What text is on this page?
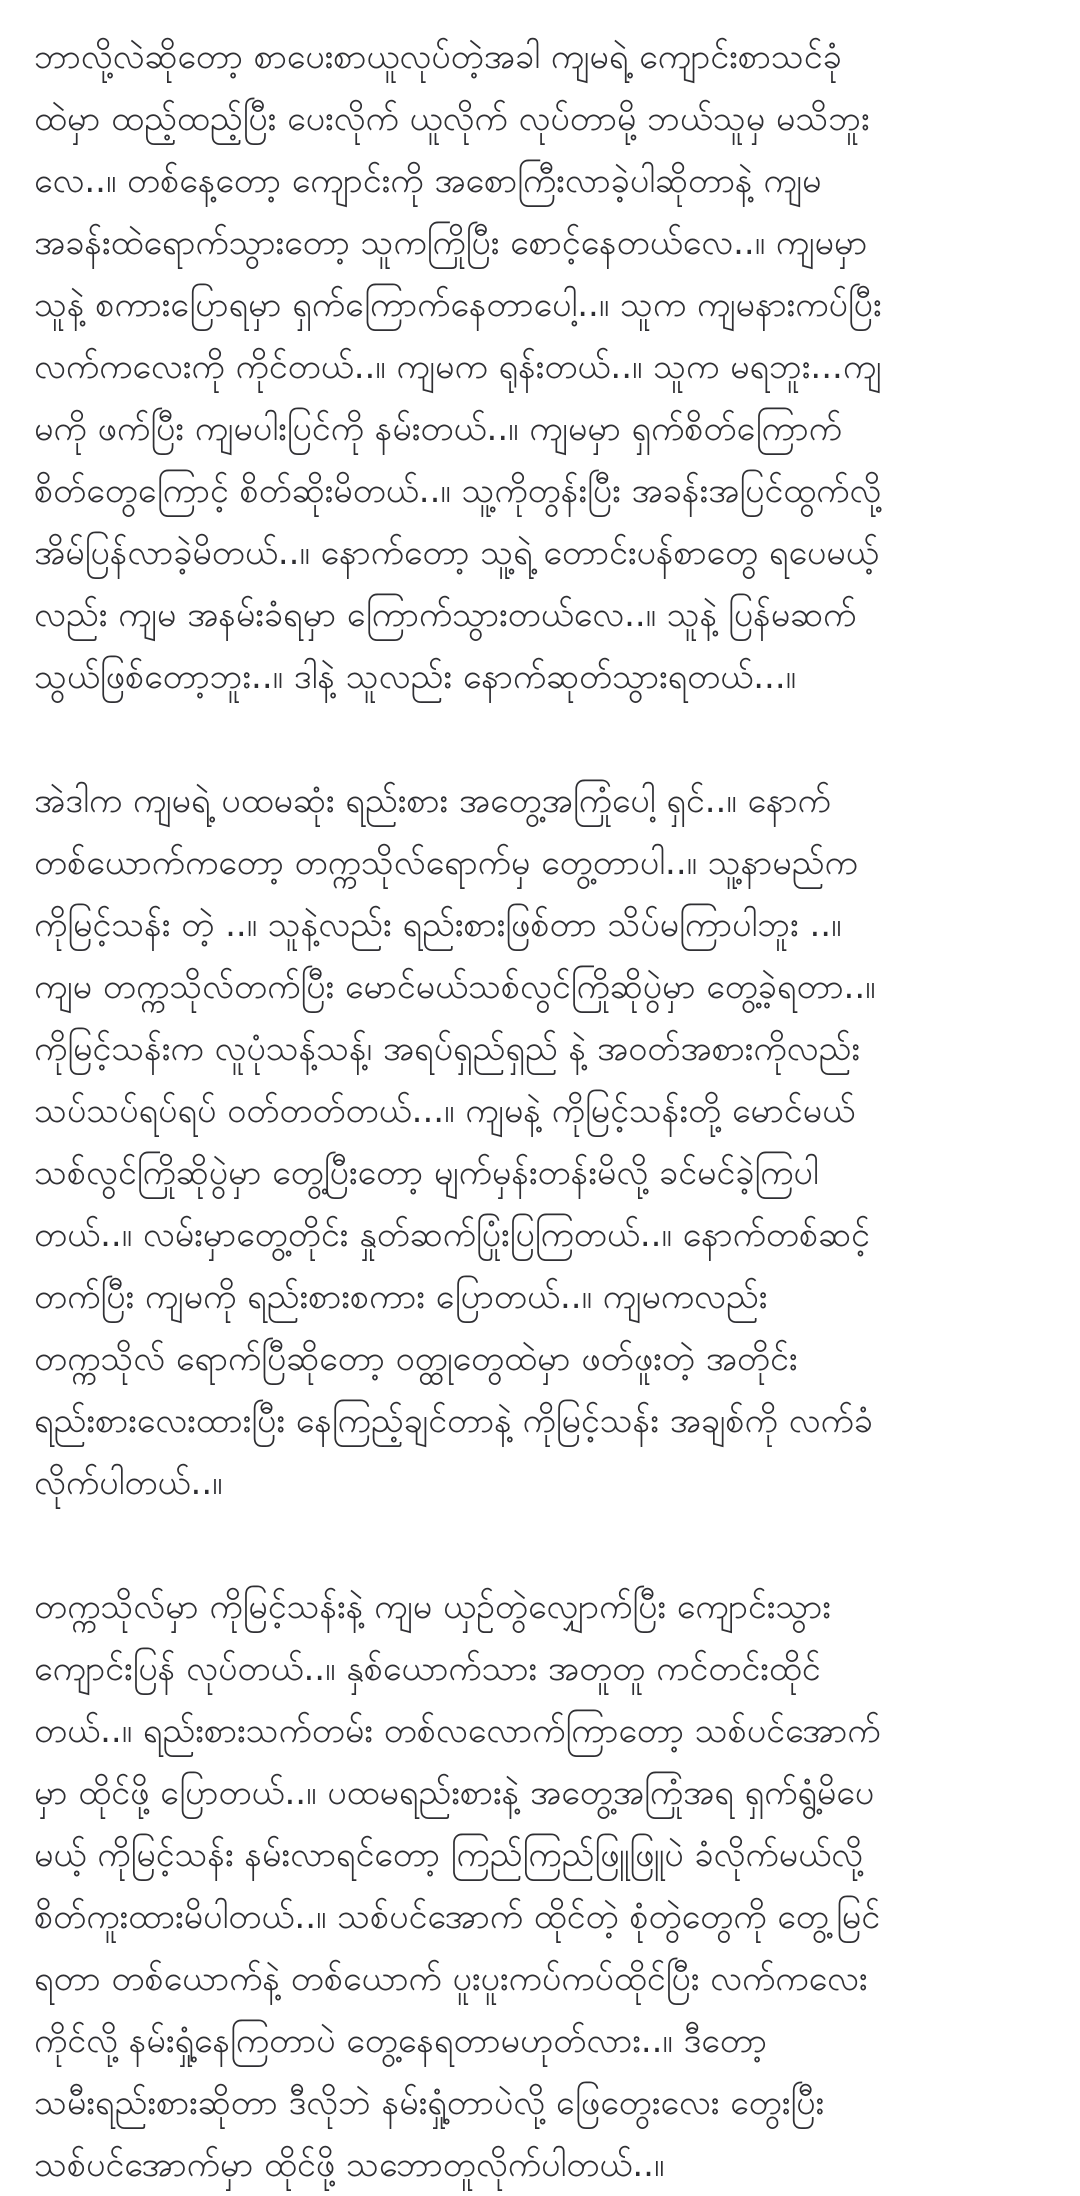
ဘာလို့လဲဆိုတော့ စာပေးစာယူလုပ်တဲ့အခါ ကျမရဲ့ ကျောင်းစာသင်ခုံ
ထဲမှာ ထည့်ထည့်ပြီး ပေးလိုက် ယူလိုက် လုပ်တာမို့ ဘယ်သူမှ မသိဘူး
လေ..။ တစ်နေ့တော့ ကျောင်းကို အစောကြီးလာခဲ့ပါဆိုတာနဲ့ ကျမ
အခန်းထဲရောက်သွားတော့ သူကကြိုပြီး စောင့်နေတယ်လေ..။ ကျမမှာ
သူနဲ့ စကားပြောရမှာ ရှက်ကြောက်နေတာပေါ့..။ သူက ကျမနားကပ်ပြီး
လက်ကလေးကို ကိုင်တယ်..။ ကျမက ရုန်းတယ်..။ သူက မရဘူး...ကျ
မကို ဖက်ပြီး ကျမပါးပြင်ကို နမ်းတယ်..။ ကျမမှာ ရှက်စိတ်ကြောက်
စိတ်တွေကြောင့် စိတ်ဆိုးမိတယ်..။ သူ့ကိုတွန်းပြီး အခန်းအပြင်ထွက်လို့
အိမ်ပြန်လာခဲ့မိတယ်..။ နောက်တော့ သူ့ရဲ့ တောင်းပန်စာတွေ ရပေမယ့်
လည်း ကျမ အနမ်းခံရမှာ ကြောက်သွားတယ်လေ..။ သူနဲ့ ပြန်မဆက်
သွယ်ဖြစ်တော့ဘူး..။ ဒါနဲ့ သူလည်း နောက်ဆုတ်သွားရတယ်...။
အဲဒါက ကျမရဲ့ ပထမဆုံး ရည်းစား အတွေ့အကြုံပေါ့ ရှင်..။ နောက်
တစ်ယောက်ကတော့ တက္ကသိုလ်ရောက်မှ တွေ့တာပါ..။ သူ့နာမည်က
ကိုမြင့်သန်း တဲ့ ..။ သူနဲ့လည်း ရည်းစားဖြစ်တာ သိပ်မကြာပါဘူး ..။
ကျမ တက္ကသိုလ်တက်ပြီး မောင်မယ်သစ်လွင်ကြိုဆိုပွဲမှာ တွေ့ခဲ့ရတာ..။
ကိုမြင့်သန်းက လူပုံသန့်သန့်၊ အရပ်ရှည်ရှည် နဲ့ အဝတ်အစားကိုလည်း
သပ်သပ်ရပ်ရပ် ဝတ်တတ်တယ်...။ ကျမနဲ့ ကိုမြင့်သန်းတို့ မောင်မယ်
သစ်လွင်ကြိုဆိုပွဲမှာ တွေ့ပြီးတော့ မျက်မှန်းတန်းမိလို့ ခင်မင်ခဲ့ကြပါ
တယ်..။ လမ်းမှာတွေ့တိုင်း နှုတ်ဆက်ပြုံးပြကြတယ်..။ နောက်တစ်ဆင့်
တက်ပြီး ကျမကို ရည်းစားစကား ပြောတယ်..။ ကျမကလည်း
တက္ကသိုလ် ရောက်ပြီဆိုတော့ ဝတ္ထုတွေထဲမှာ ဖတ်ဖူးတဲ့ အတိုင်း
ရည်းစားလေးထားပြီး နေကြည့်ချင်တာနဲ့ ကိုမြင့်သန်း အချစ်ကို လက်ခံ
လိုက်ပါတယ်..။
တက္ကသိုလ်မှာ ကိုမြင့်သန်းနဲ့ ကျမ ယှဉ်တွဲလျှောက်ပြီး ကျောင်းသွား
ကျောင်းပြန် လုပ်တယ်..။ နှစ်ယောက်သား အတူတူ ကင်တင်းထိုင်
တယ်..။ ရည်းစားသက်တမ်း တစ်လလောက်ကြာတော့ သစ်ပင်အောက်
မှာ ထိုင်ဖို့ ပြောတယ်..။ ပထမရည်းစားနဲ့ အတွေ့အကြုံအရ ရှက်ရွံ့မိပေ
မယ့် ကိုမြင့်သန်း နမ်းလာရင်တော့ ကြည်ကြည်ဖြူဖြူပဲ ခံလိုက်မယ်လို့
စိတ်ကူးထားမိပါတယ်..။ သစ်ပင်အောက် ထိုင်တဲ့ စုံတွဲတွေကို တွေ့မြင်
ရတာ တစ်ယောက်နဲ့ တစ်ယောက် ပူးပူးကပ်ကပ်ထိုင်ပြီး လက်ကလေး
ကိုင်လို့ နမ်းရှုံ့နေကြတာပဲ တွေ့နေရတာမဟုတ်လား..။ ဒီတော့
သမီးရည်းစားဆိုတာ ဒီလိုဘဲ နမ်းရှုံ့တာပဲလို့ ဖြေတွေးလေး တွေးပြီး
သစ်ပင်အောက်မှာ ထိုင်ဖို့ သဘောတူလိုက်ပါတယ်..။
